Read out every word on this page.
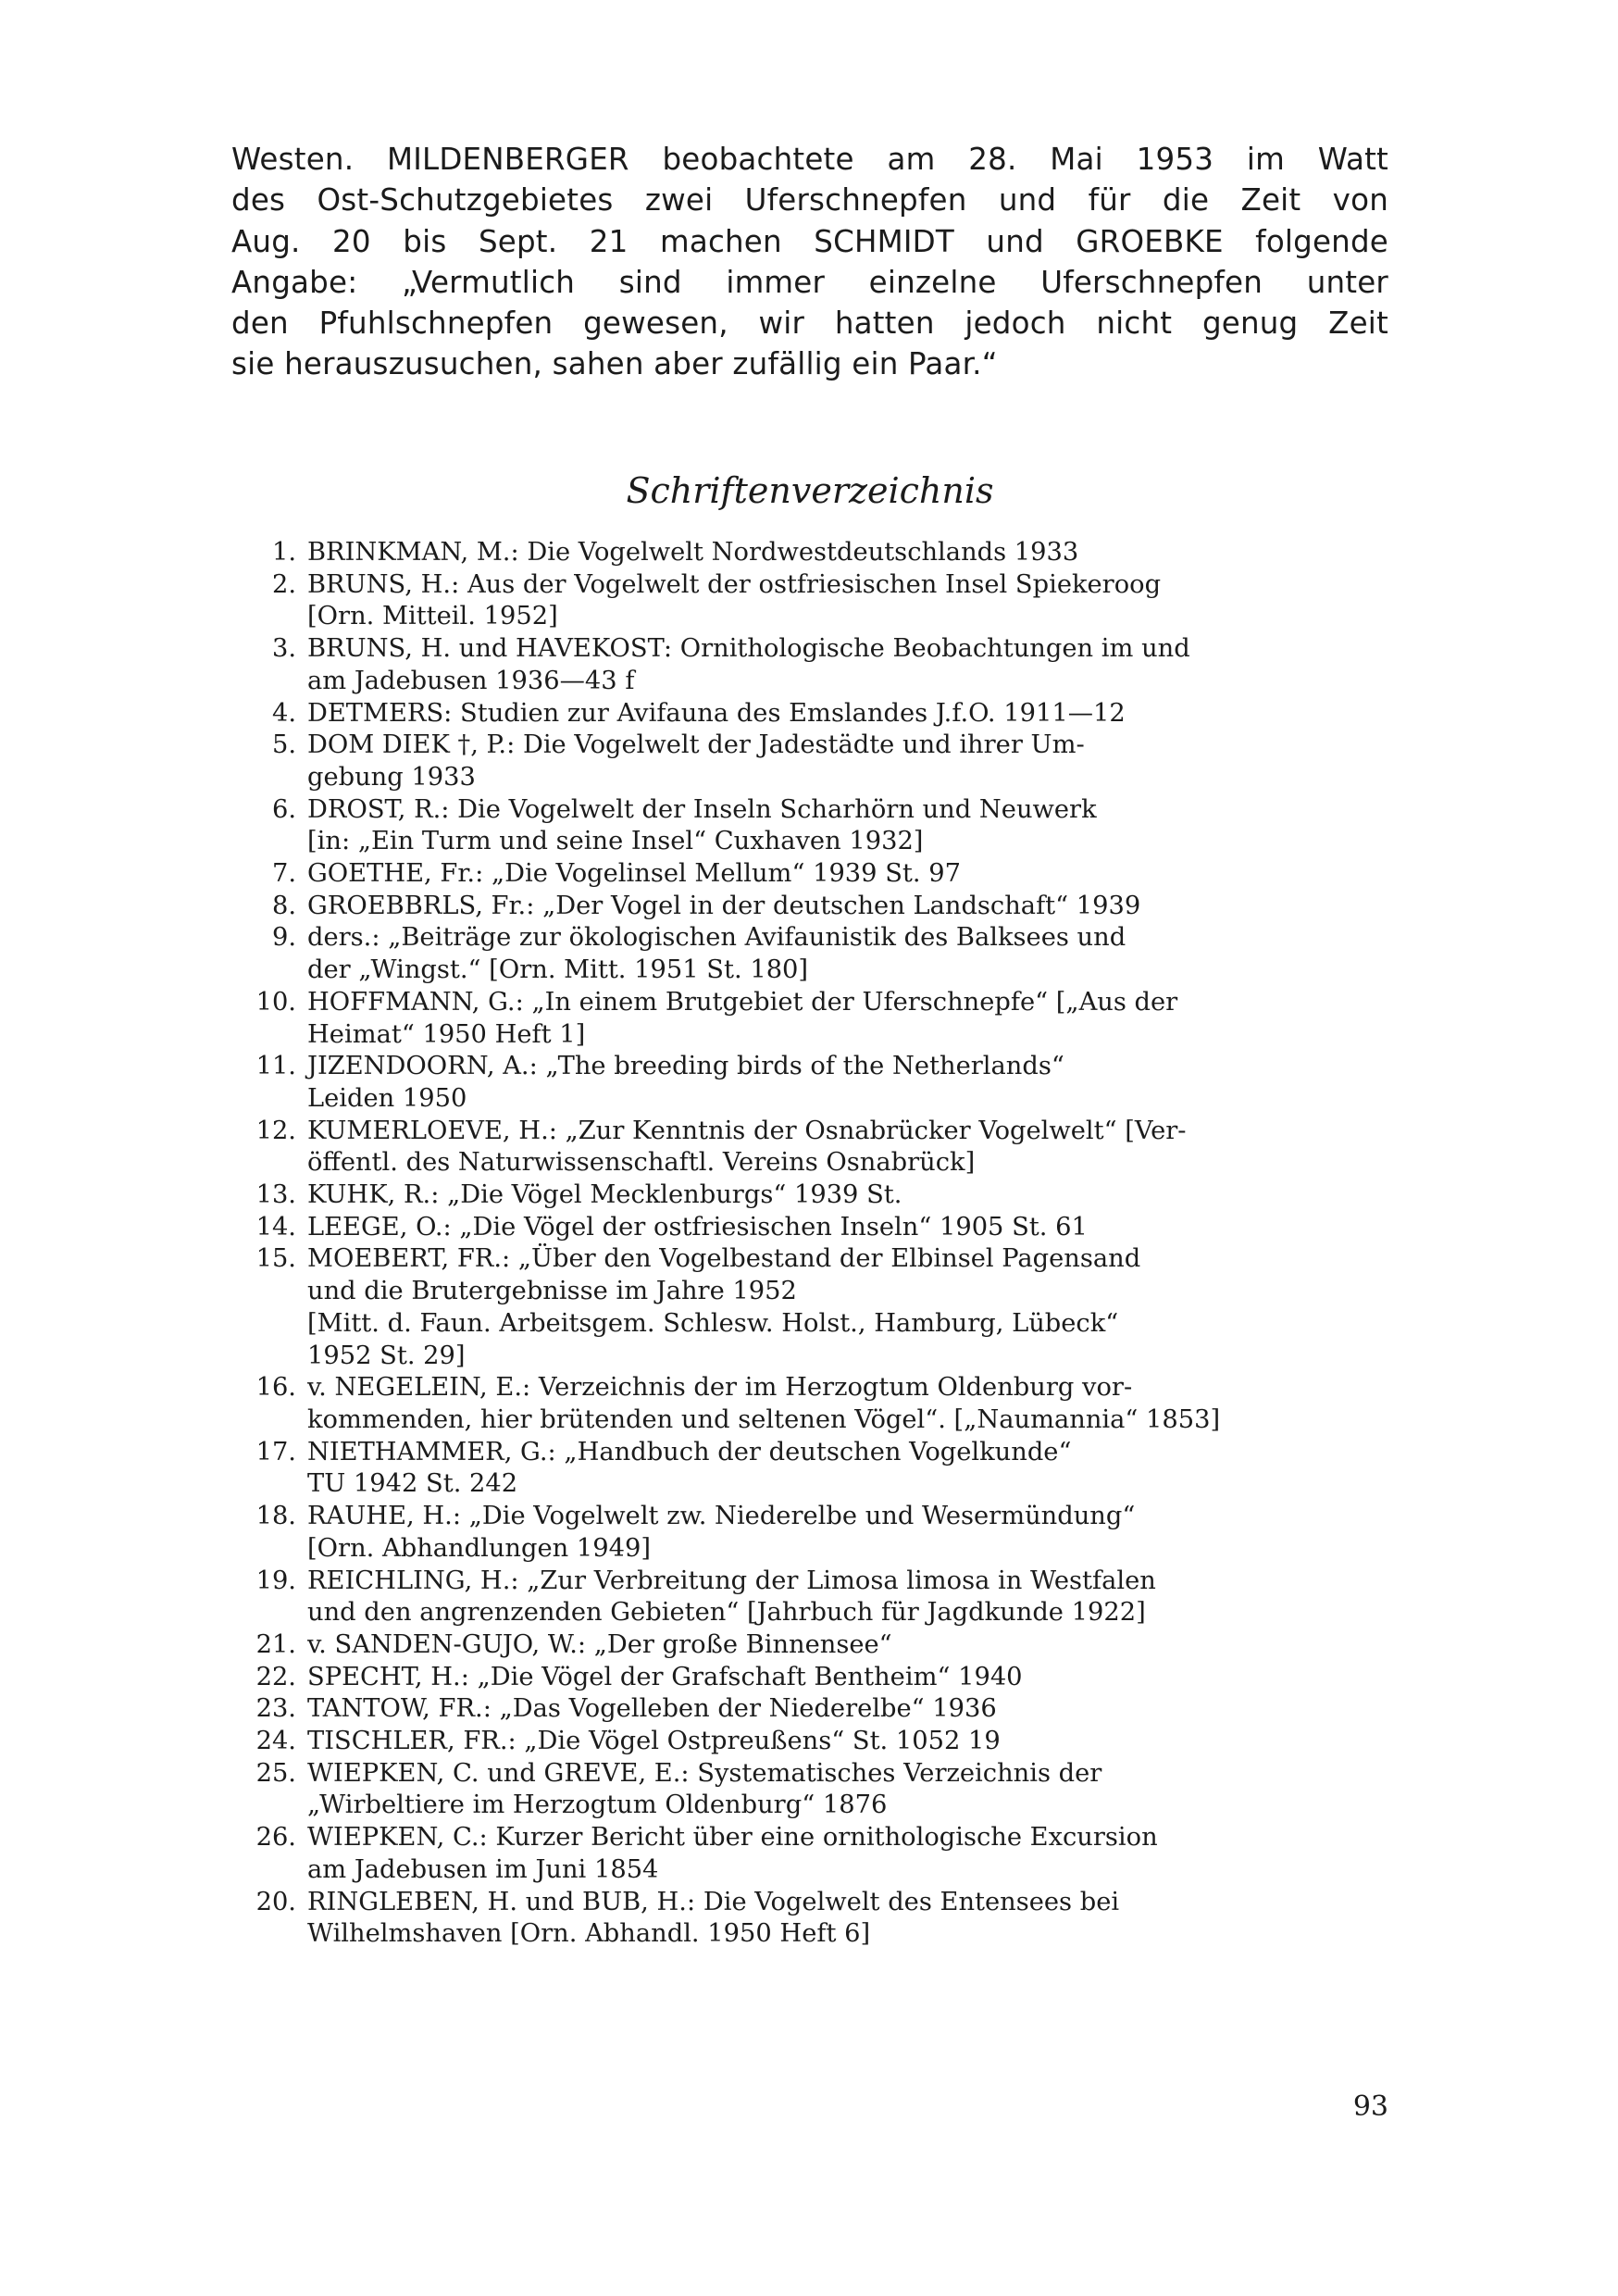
Westen. MILDENBERGER beobachtete am 28. Mai 1953 im Watt
des Ost-Schutzgebietes zwei Uferschnepfen und für die Zeit von
Aug. 20 bis Sept. 21 machen SCHMIDT und GROEBKE folgende
Angabe: „Vermutlich sind immer einzelne Uferschnepfen unter
den Pfuhlschnepfen gewesen, wir hatten jedoch nicht genug Zeit
sie herauszusuchen, sahen aber zufällig ein Paar.“

Schriftenverzeichnis
1. BRINKMAN, M.: Die Vogelwelt Nordwestdeutschlands 1933
2. BRUNS, H.: Aus der Vogelwelt der ostfriesischen Insel Spiekeroog
[Orn. Mitteil. 1952]
3. BRUNS, H. und HAVEKOST: Ornithologische Beobachtungen im und
am Jadebusen 1936—43 f
4. DETMERS: Studien zur Avifauna des Emslandes J.f.O. 1911—12
5. DOM DIEK †, P.: Die Vogelwelt der Jadestädte und ihrer Um-
gebung 1933
6. DROST, R.: Die Vogelwelt der Inseln Scharhörn und Neuwerk
[in: „Ein Turm und seine Insel“ Cuxhaven 1932]
7. GOETHE, Fr.: „Die Vogelinsel Mellum“ 1939 St. 97
8. GROEBBRLS, Fr.: „Der Vogel in der deutschen Landschaft“ 1939
9. ders.: „Beiträge zur ökologischen Avifaunistik des Balksees und
der „Wingst.“ [Orn. Mitt. 1951 St. 180]
10. HOFFMANN, G.: „In einem Brutgebiet der Uferschnepfe“ [„Aus der
Heimat“ 1950 Heft 1]
11. JIZENDOORN, A.: „The breeding birds of the Netherlands“
Leiden 1950
12. KUMERLOEVE, H.: „Zur Kenntnis der Osnabrücker Vogelwelt“ [Ver-
öffentl. des Naturwissenschaftl. Vereins Osnabrück]
13. KUHK, R.: „Die Vögel Mecklenburgs“ 1939 St.
14. LEEGE, O.: „Die Vögel der ostfriesischen Inseln“ 1905 St. 61
15. MOEBERT, FR.: „Über den Vogelbestand der Elbinsel Pagensand
und die Brutergebnisse im Jahre 1952
[Mitt. d. Faun. Arbeitsgem. Schlesw. Holst., Hamburg, Lübeck“
1952 St. 29]
16. v. NEGELEIN, E.: Verzeichnis der im Herzogtum Oldenburg vor-
kommenden, hier brütenden und seltenen Vögel“. [„Naumannia“ 1853]
17. NIETHAMMER, G.: „Handbuch der deutschen Vogelkunde“
TU 1942 St. 242
18. RAUHE, H.: „Die Vogelwelt zw. Niederelbe und Wesermündung“
[Orn. Abhandlungen 1949]
19. REICHLING, H.: „Zur Verbreitung der Limosa limosa in Westfalen
und den angrenzenden Gebieten“ [Jahrbuch für Jagdkunde 1922]
21. v. SANDEN-GUJO, W.: „Der große Binnensee“
22. SPECHT, H.: „Die Vögel der Grafschaft Bentheim“ 1940
23. TANTOW, FR.: „Das Vogelleben der Niederelbe“ 1936
24. TISCHLER, FR.: „Die Vögel Ostpreußens“ St. 1052 19
25. WIEPKEN, C. und GREVE, E.: Systematisches Verzeichnis der
„Wirbeltiere im Herzogtum Oldenburg“ 1876
26. WIEPKEN, C.: Kurzer Bericht über eine ornithologische Excursion
am Jadebusen im Juni 1854
20. RINGLEBEN, H. und BUB, H.: Die Vogelwelt des Entensees bei
Wilhelmshaven [Orn. Abhandl. 1950 Heft 6]

93
